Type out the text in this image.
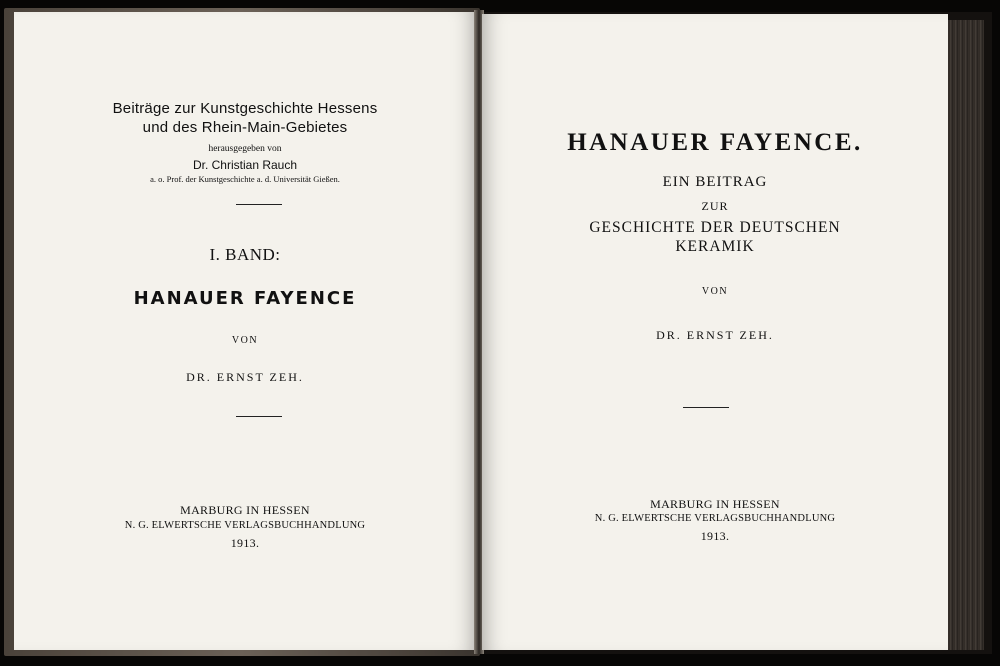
Beiträge zur Kunstgeschichte Hessens
und des Rhein-Main-Gebietes
herausgegeben von
Dr. Christian Rauch
a. o. Prof. der Kunstgeschichte a. d. Universität Gießen.
I. BAND:
HANAUER FAYENCE
VON
DR. ERNST ZEH.
MARBURG IN HESSEN
N. G. ELWERTSCHE VERLAGSBUCHHANDLUNG
1913.
HANAUER FAYENCE.
EIN BEITRAG
ZUR
GESCHICHTE DER DEUTSCHEN
KERAMIK
VON
DR. ERNST ZEH.
MARBURG IN HESSEN
N. G. ELWERTSCHE VERLAGSBUCHHANDLUNG
1913.
